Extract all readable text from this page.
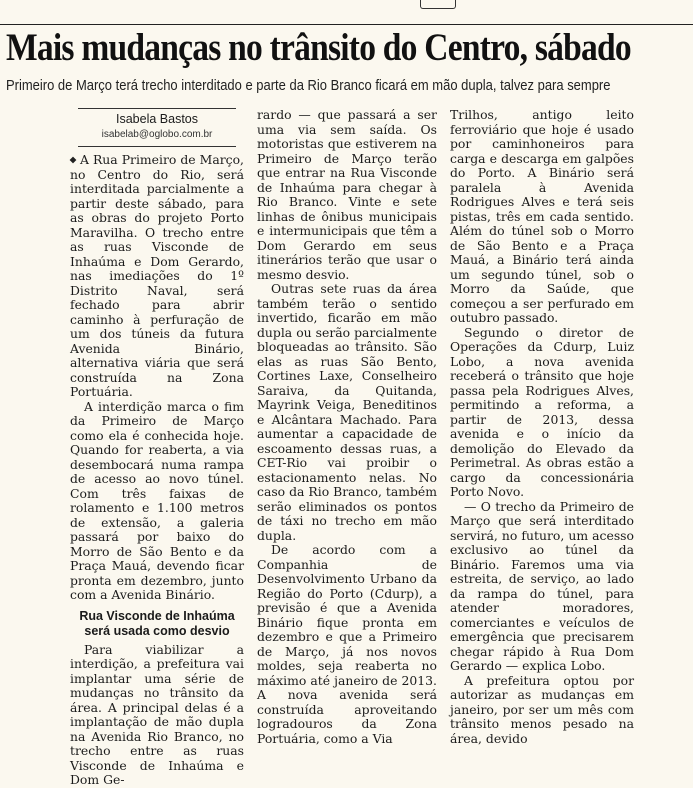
Mais mudanças no trânsito do Centro, sábado
Primeiro de Março terá trecho interditado e parte da Rio Branco ficará em mão dupla, talvez para sempre
Isabela Bastos
isabelab@oglobo.com.br

A Rua Primeiro de Março, no Centro do Rio, será interditada parcialmente a partir deste sábado, para as obras do projeto Porto Maravilha. O trecho entre as ruas Visconde de Inhaúma e Dom Gerardo, nas imediações do 1º Distrito Naval, será fechado para abrir caminho à perfuração de um dos túneis da futura Avenida Binário, alternativa viária que será construída na Zona Portuária.

A interdição marca o fim da Primeiro de Março como ela é conhecida hoje. Quando for reaberta, a via desembocará numa rampa de acesso ao novo túnel. Com três faixas de rolamento e 1.100 metros de extensão, a galeria passará por baixo do Morro de São Bento e da Praça Mauá, devendo ficar pronta em dezembro, junto com a Avenida Binário.

Rua Visconde de Inhaúma
será usada como desvio

Para viabilizar a interdição, a prefeitura vai implantar uma série de mudanças no trânsito da área. A principal delas é a implantação de mão dupla na Avenida Rio Branco, no trecho entre as ruas Visconde de Inhaúma e Dom Ge-

rardo — que passará a ser uma via sem saída. Os motoristas que estiverem na Primeiro de Março terão que entrar na Rua Visconde de Inhaúma para chegar à Rio Branco. Vinte e sete linhas de ônibus municipais e intermunicipais que têm a Dom Gerardo em seus itinerários terão que usar o mesmo desvio.

Outras sete ruas da área também terão o sentido invertido, ficarão em mão dupla ou serão parcialmente bloqueadas ao trânsito. São elas as ruas São Bento, Cortines Laxe, Conselheiro Saraiva, da Quitanda, Mayrink Veiga, Beneditinos e Alcântara Machado. Para aumentar a capacidade de escoamento dessas ruas, a CET-Rio vai proibir o estacionamento nelas. No caso da Rio Branco, também serão eliminados os pontos de táxi no trecho em mão dupla.

De acordo com a Companhia de Desenvolvimento Urbano da Região do Porto (Cdurp), a previsão é que a Avenida Binário fique pronta em dezembro e que a Primeiro de Março, já nos novos moldes, seja reaberta no máximo até janeiro de 2013. A nova avenida será construída aproveitando logradouros da Zona Portuária, como a Via

Trilhos, antigo leito ferroviário que hoje é usado por caminhoneiros para carga e descarga em galpões do Porto. A Binário será paralela à Avenida Rodrigues Alves e terá seis pistas, três em cada sentido. Além do túnel sob o Morro de São Bento e a Praça Mauá, a Binário terá ainda um segundo túnel, sob o Morro da Saúde, que começou a ser perfurado em outubro passado.

Segundo o diretor de Operações da Cdurp, Luiz Lobo, a nova avenida receberá o trânsito que hoje passa pela Rodrigues Alves, permitindo a reforma, a partir de 2013, dessa avenida e o início da demolição do Elevado da Perimetral. As obras estão a cargo da concessionária Porto Novo.

— O trecho da Primeiro de Março que será interditado servirá, no futuro, um acesso exclusivo ao túnel da Binário. Faremos uma via estreita, de serviço, ao lado da rampa do túnel, para atender moradores, comerciantes e veículos de emergência que precisarem chegar rápido à Rua Dom Gerardo — explica Lobo.

A prefeitura optou por autorizar as mudanças em janeiro, por ser um mês com trânsito menos pesado na área, devido
